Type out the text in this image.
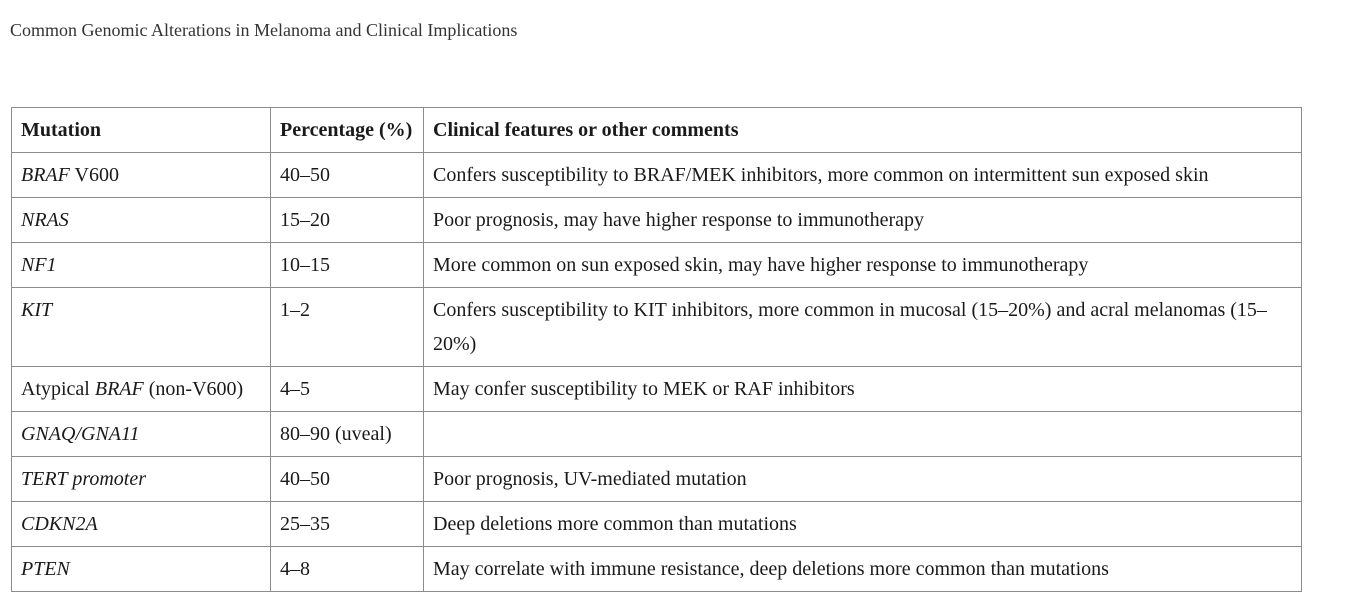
Common Genomic Alterations in Melanoma and Clinical Implications

Mutation	Percentage (%)	Clinical features or other comments
BRAF V600	40–50	Confers susceptibility to BRAF/MEK inhibitors, more common on intermittent sun exposed skin
NRAS	15–20	Poor prognosis, may have higher response to immunotherapy
NF1	10–15	More common on sun exposed skin, may have higher response to immunotherapy
KIT	1–2	Confers susceptibility to KIT inhibitors, more common in mucosal (15–20%) and acral melanomas (15–20%)
Atypical BRAF (non-V600)	4–5	May confer susceptibility to MEK or RAF inhibitors
GNAQ/GNA11	80–90 (uveal)	
TERT promoter	40–50	Poor prognosis, UV-mediated mutation
CDKN2A	25–35	Deep deletions more common than mutations
PTEN	4–8	May correlate with immune resistance, deep deletions more common than mutations
